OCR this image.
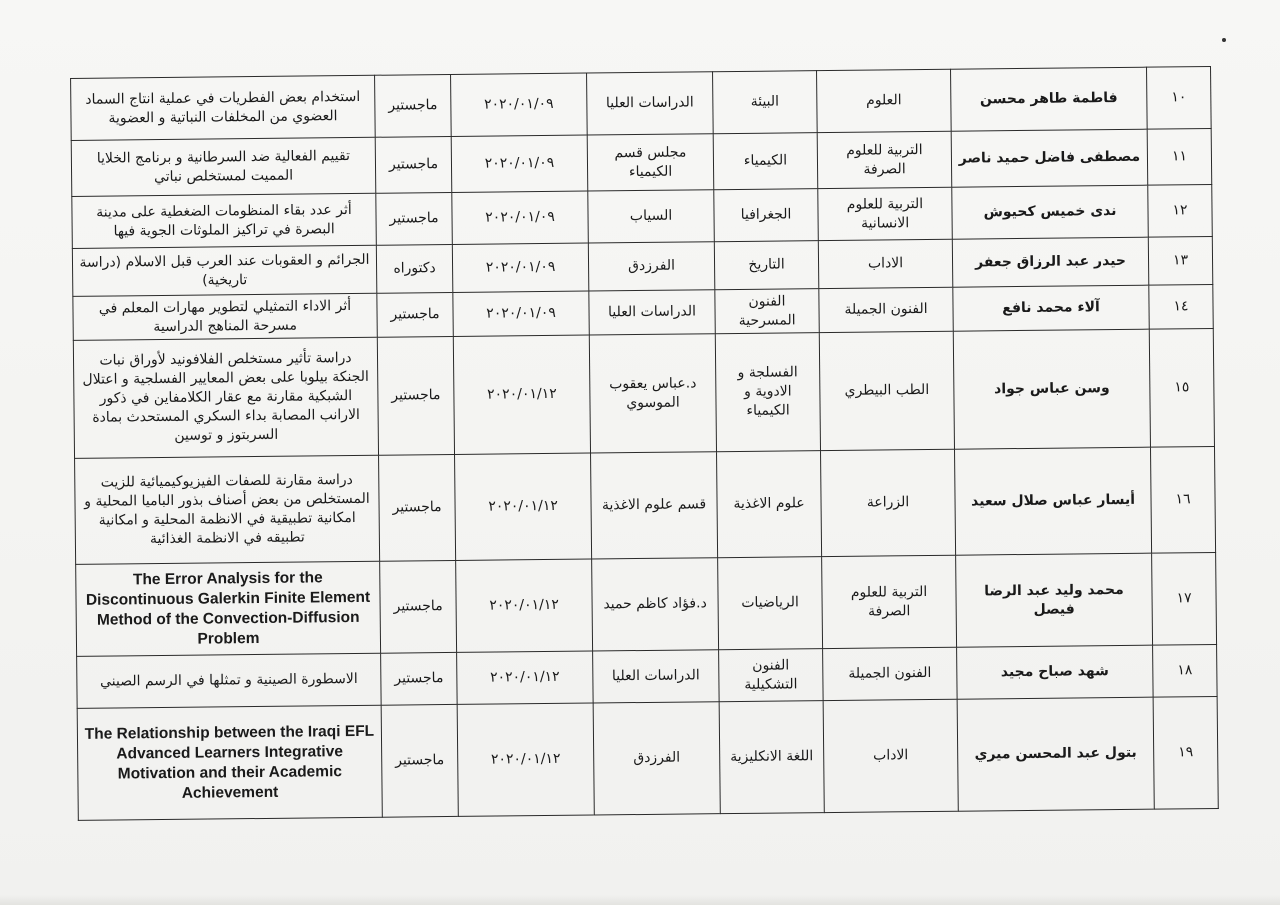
١٠	فاطمة طاهر محسن	العلوم	البيئة	الدراسات العليا	٢٠٢٠/٠١/٠٩	ماجستير	استخدام بعض الفطريات في عملية انتاج السماد العضوي من المخلفات النباتية و العضوية
١١	مصطفى فاضل حميد ناصر	التربية للعلوم الصرفة	الكيمياء	مجلس قسم الكيمياء	٢٠٢٠/٠١/٠٩	ماجستير	تقييم الفعالية ضد السرطانية و برنامج الخلايا المميت لمستخلص نباتي
١٢	ندى خميس كحيوش	التربية للعلوم الانسانية	الجغرافيا	السياب	٢٠٢٠/٠١/٠٩	ماجستير	أثر عدد بقاء المنظومات الضغطية على مدينة البصرة في تراكيز الملوثات الجوية فيها
١٣	حيدر عبد الرزاق جعفر	الاداب	التاريخ	الفرزدق	٢٠٢٠/٠١/٠٩	دكتوراه	الجرائم و العقوبات عند العرب قبل الاسلام (دراسة تاريخية)
١٤	آلاء محمد نافع	الفنون الجميلة	الفنون المسرحية	الدراسات العليا	٢٠٢٠/٠١/٠٩	ماجستير	أثر الاداء التمثيلي لتطوير مهارات المعلم في مسرحة المناهج الدراسية
١٥	وسن عباس جواد	الطب البيطري	الفسلجة و الادوية و الكيمياء	د.عباس يعقوب الموسوي	٢٠٢٠/٠١/١٢	ماجستير	دراسة تأثير مستخلص الفلافونيد لأوراق نبات الجنكة بيلوبا على بعض المعايير الفسلجية و اعتلال الشبكية مقارنة مع عقار الكلامفاين في ذكور الارانب المصابة بداء السكري المستحدث بمادة السربتوز و توسين
١٦	أيسار عباس صلال سعيد	الزراعة	علوم الاغذية	قسم علوم الاغذية	٢٠٢٠/٠١/١٢	ماجستير	دراسة مقارنة للصفات الفيزيوكيميائية للزيت المستخلص من بعض أصناف بذور الباميا المحلية و امكانية تطبيقية في الانظمة المحلية و امكانية تطبيقه في الانظمة الغذائية
١٧	محمد وليد عبد الرضا فيصل	التربية للعلوم الصرفة	الرياضيات	د.فؤاد كاظم حميد	٢٠٢٠/٠١/١٢	ماجستير	The Error Analysis for the Discontinuous Galerkin Finite Element Method of the Convection-Diffusion Problem
١٨	شهد صباح مجيد	الفنون الجميلة	الفنون التشكيلية	الدراسات العليا	٢٠٢٠/٠١/١٢	ماجستير	الاسطورة الصينية و تمثلها في الرسم الصيني
١٩	بتول عبد المحسن ميري	الاداب	اللغة الانكليزية	الفرزدق	٢٠٢٠/٠١/١٢	ماجستير	The Relationship between the Iraqi EFL Advanced Learners Integrative Motivation and their Academic Achievement
